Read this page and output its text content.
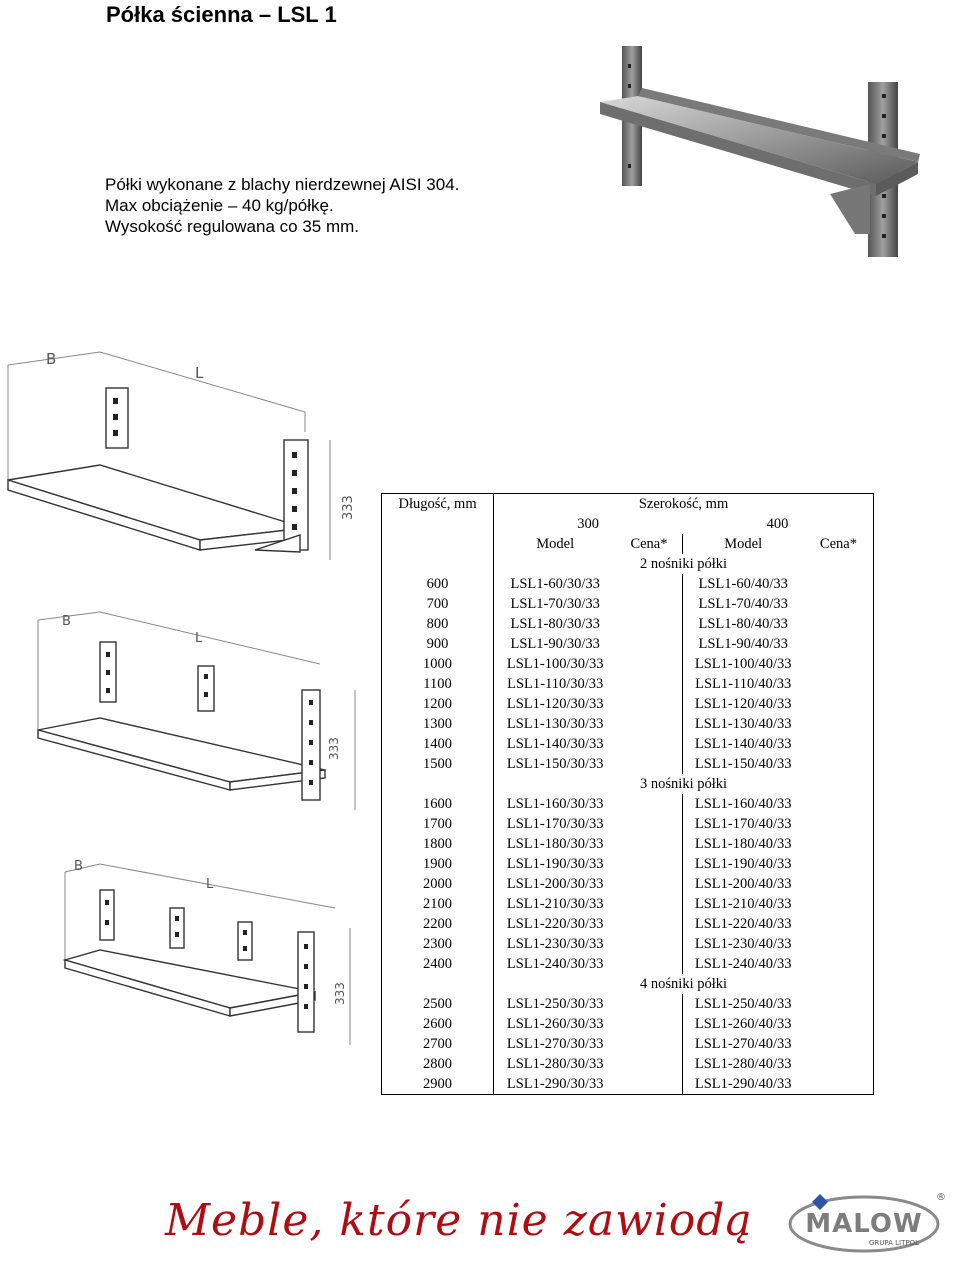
Półka ścienna – LSL 1
Półki wykonane z blachy nierdzewnej AISI 304.
Max obciążenie – 40 kg/półkę.
Wysokość regulowana co 35 mm.
B
L
333
B
L
333
B
L
333
Długość, mm	Szerokość, mm			
	300		400	
	Model	Cena*	Model	Cena*
	2 nośniki półki			
600	LSL1-60/30/33		LSL1-60/40/33	
700	LSL1-70/30/33		LSL1-70/40/33	
800	LSL1-80/30/33		LSL1-80/40/33	
900	LSL1-90/30/33		LSL1-90/40/33	
1000	LSL1-100/30/33		LSL1-100/40/33	
1100	LSL1-110/30/33		LSL1-110/40/33	
1200	LSL1-120/30/33		LSL1-120/40/33	
1300	LSL1-130/30/33		LSL1-130/40/33	
1400	LSL1-140/30/33		LSL1-140/40/33	
1500	LSL1-150/30/33		LSL1-150/40/33	
	3 nośniki półki			
1600	LSL1-160/30/33		LSL1-160/40/33	
1700	LSL1-170/30/33		LSL1-170/40/33	
1800	LSL1-180/30/33		LSL1-180/40/33	
1900	LSL1-190/30/33		LSL1-190/40/33	
2000	LSL1-200/30/33		LSL1-200/40/33	
2100	LSL1-210/30/33		LSL1-210/40/33	
2200	LSL1-220/30/33		LSL1-220/40/33	
2300	LSL1-230/30/33		LSL1-230/40/33	
2400	LSL1-240/30/33		LSL1-240/40/33	
	4 nośniki półki			
2500	LSL1-250/30/33		LSL1-250/40/33	
2600	LSL1-260/30/33		LSL1-260/40/33	
2700	LSL1-270/30/33		LSL1-270/40/33	
2800	LSL1-280/30/33		LSL1-280/40/33	
2900	LSL1-290/30/33		LSL1-290/40/33	
Meble, które nie zawiodą MALOW
GRUPA LITPOL
®
